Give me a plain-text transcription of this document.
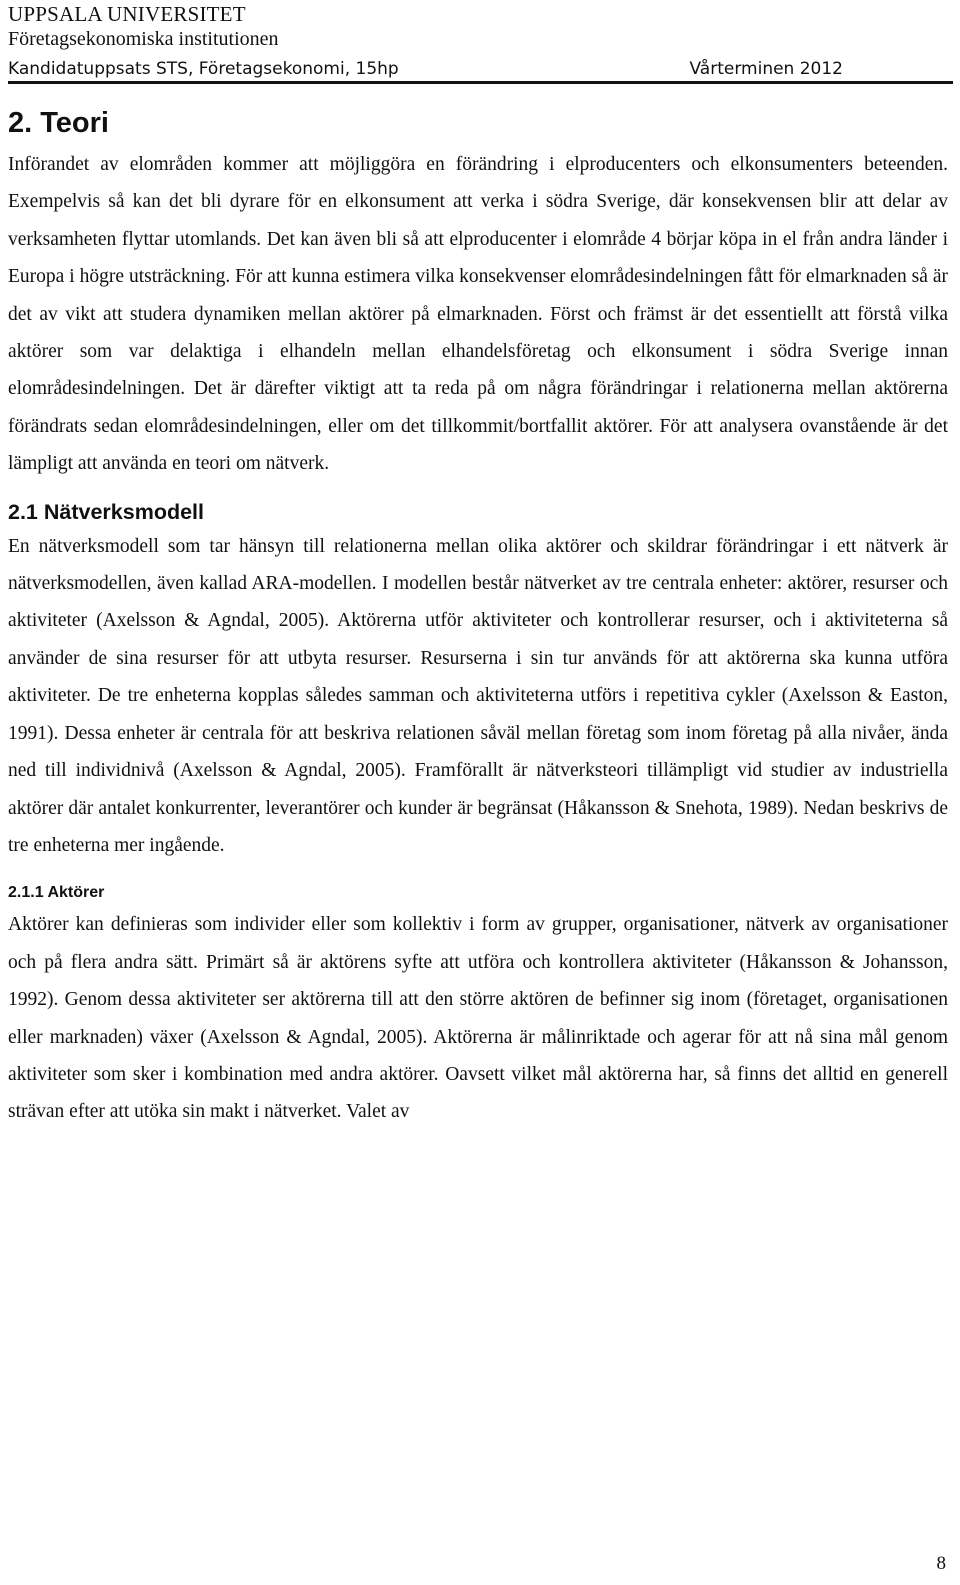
UPPSALA UNIVERSITET
Företagsekonomiska institutionen
Kandidatuppsats STS, Företagsekonomi, 15hp	Vårterminen 2012
2. Teori

Införandet av elområden kommer att möjliggöra en förändring i elproducenters och elkonsumenters beteenden. Exempelvis så kan det bli dyrare för en elkonsument att verka i södra Sverige, där konsekvensen blir att delar av verksamheten flyttar utomlands. Det kan även bli så att elproducenter i elområde 4 börjar köpa in el från andra länder i Europa i högre utsträckning. För att kunna estimera vilka konsekvenser elområdesindelningen fått för elmarknaden så är det av vikt att studera dynamiken mellan aktörer på elmarknaden. Först och främst är det essentiellt att förstå vilka aktörer som var delaktiga i elhandeln mellan elhandelsföretag och elkonsument i södra Sverige innan elområdesindelningen. Det är därefter viktigt att ta reda på om några förändringar i relationerna mellan aktörerna förändrats sedan elområdesindelningen, eller om det tillkommit/bortfallit aktörer. För att analysera ovanstående är det lämpligt att använda en teori om nätverk.

2.1 Nätverksmodell

En nätverksmodell som tar hänsyn till relationerna mellan olika aktörer och skildrar förändringar i ett nätverk är nätverksmodellen, även kallad ARA-modellen. I modellen består nätverket av tre centrala enheter: aktörer, resurser och aktiviteter (Axelsson & Agndal, 2005). Aktörerna utför aktiviteter och kontrollerar resurser, och i aktiviteterna så använder de sina resurser för att utbyta resurser. Resurserna i sin tur används för att aktörerna ska kunna utföra aktiviteter. De tre enheterna kopplas således samman och aktiviteterna utförs i repetitiva cykler (Axelsson & Easton, 1991). Dessa enheter är centrala för att beskriva relationen såväl mellan företag som inom företag på alla nivåer, ända ned till individnivå (Axelsson & Agndal, 2005). Framförallt är nätverksteori tillämpligt vid studier av industriella aktörer där antalet konkurrenter, leverantörer och kunder är begränsat (Håkansson & Snehota, 1989). Nedan beskrivs de tre enheterna mer ingående.

2.1.1 Aktörer

Aktörer kan definieras som individer eller som kollektiv i form av grupper, organisationer, nätverk av organisationer och på flera andra sätt. Primärt så är aktörens syfte att utföra och kontrollera aktiviteter (Håkansson & Johansson, 1992). Genom dessa aktiviteter ser aktörerna till att den större aktören de befinner sig inom (företaget, organisationen eller marknaden) växer (Axelsson & Agndal, 2005). Aktörerna är målinriktade och agerar för att nå sina mål genom aktiviteter som sker i kombination med andra aktörer. Oavsett vilket mål aktörerna har, så finns det alltid en generell strävan efter att utöka sin makt i nätverket. Valet av

8
